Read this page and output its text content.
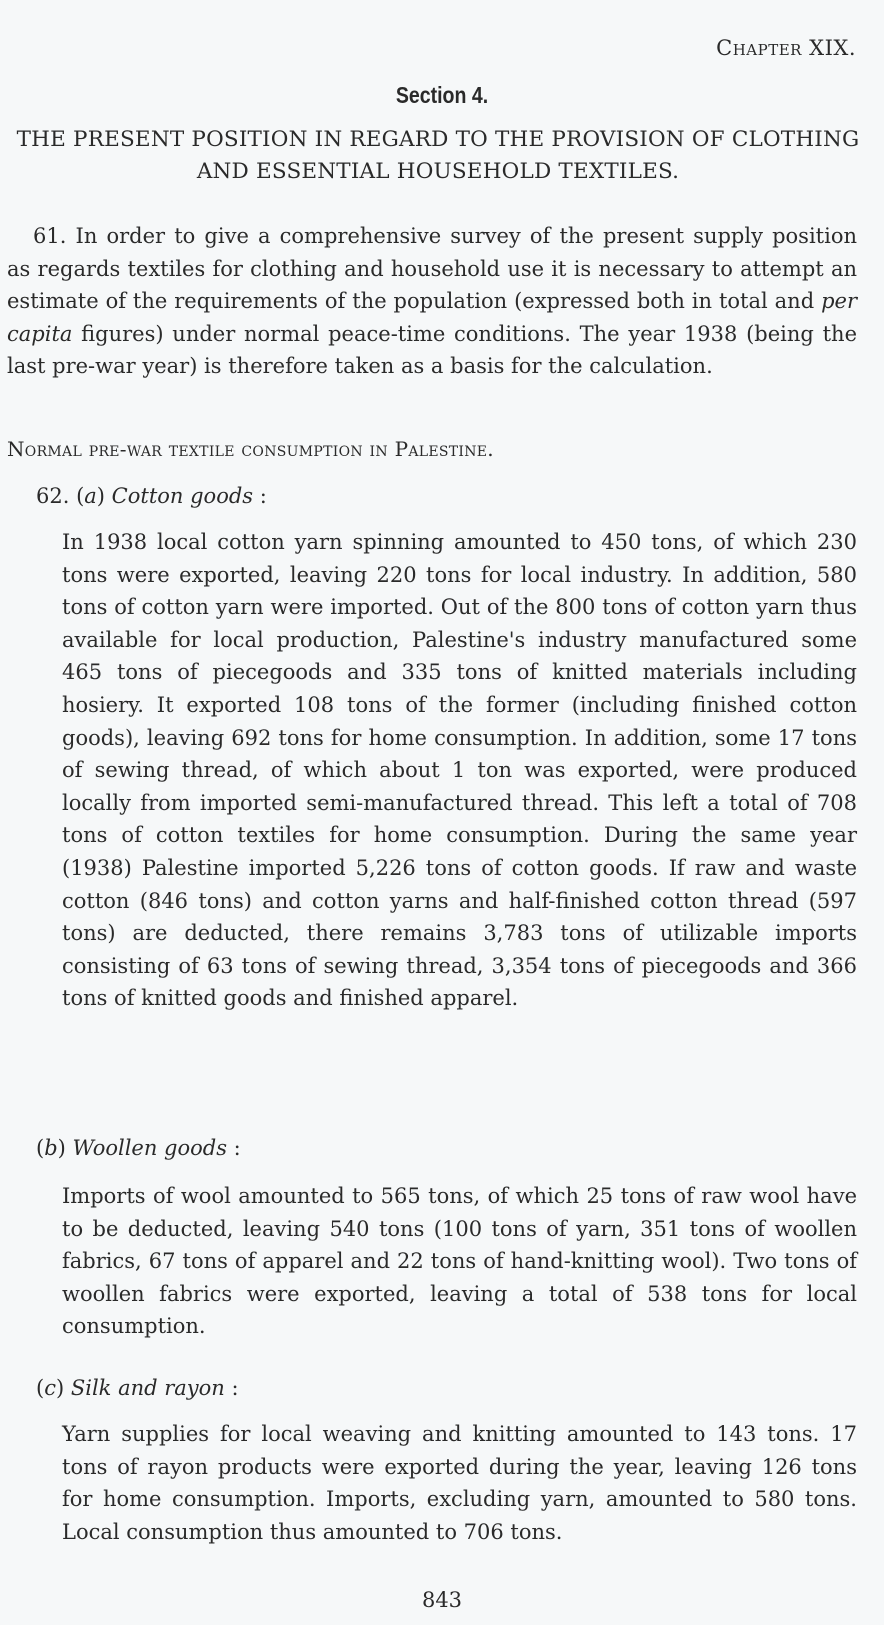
Chapter XIX.
Section 4.
THE PRESENT POSITION IN REGARD TO THE PROVISION OF CLOTHING AND ESSENTIAL HOUSEHOLD TEXTILES.
61. In order to give a comprehensive survey of the present supply position as regards textiles for clothing and household use it is necessary to attempt an estimate of the requirements of the population (expressed both in total and per capita figures) under normal peace-time conditions. The year 1938 (being the last pre-war year) is therefore taken as a basis for the calculation.
Normal pre-war textile consumption in Palestine.
62. (a) Cotton goods :
In 1938 local cotton yarn spinning amounted to 450 tons, of which 230 tons were exported, leaving 220 tons for local industry. In addition, 580 tons of cotton yarn were imported. Out of the 800 tons of cotton yarn thus available for local production, Palestine's industry manufactured some 465 tons of piecegoods and 335 tons of knitted materials including hosiery. It exported 108 tons of the former (including finished cotton goods), leaving 692 tons for home consumption. In addition, some 17 tons of sewing thread, of which about 1 ton was exported, were produced locally from imported semi-manufactured thread. This left a total of 708 tons of cotton textiles for home consumption. During the same year (1938) Palestine imported 5,226 tons of cotton goods. If raw and waste cotton (846 tons) and cotton yarns and half-finished cotton thread (597 tons) are deducted, there remains 3,783 tons of utilizable imports consisting of 63 tons of sewing thread, 3,354 tons of piecegoods and 366 tons of knitted goods and finished apparel.
(b) Woollen goods :
Imports of wool amounted to 565 tons, of which 25 tons of raw wool have to be deducted, leaving 540 tons (100 tons of yarn, 351 tons of woollen fabrics, 67 tons of apparel and 22 tons of hand-knitting wool). Two tons of woollen fabrics were exported, leaving a total of 538 tons for local consumption.
(c) Silk and rayon :
Yarn supplies for local weaving and knitting amounted to 143 tons. 17 tons of rayon products were exported during the year, leaving 126 tons for home consumption. Imports, excluding yarn, amounted to 580 tons. Local consumption thus amounted to 706 tons.
843
